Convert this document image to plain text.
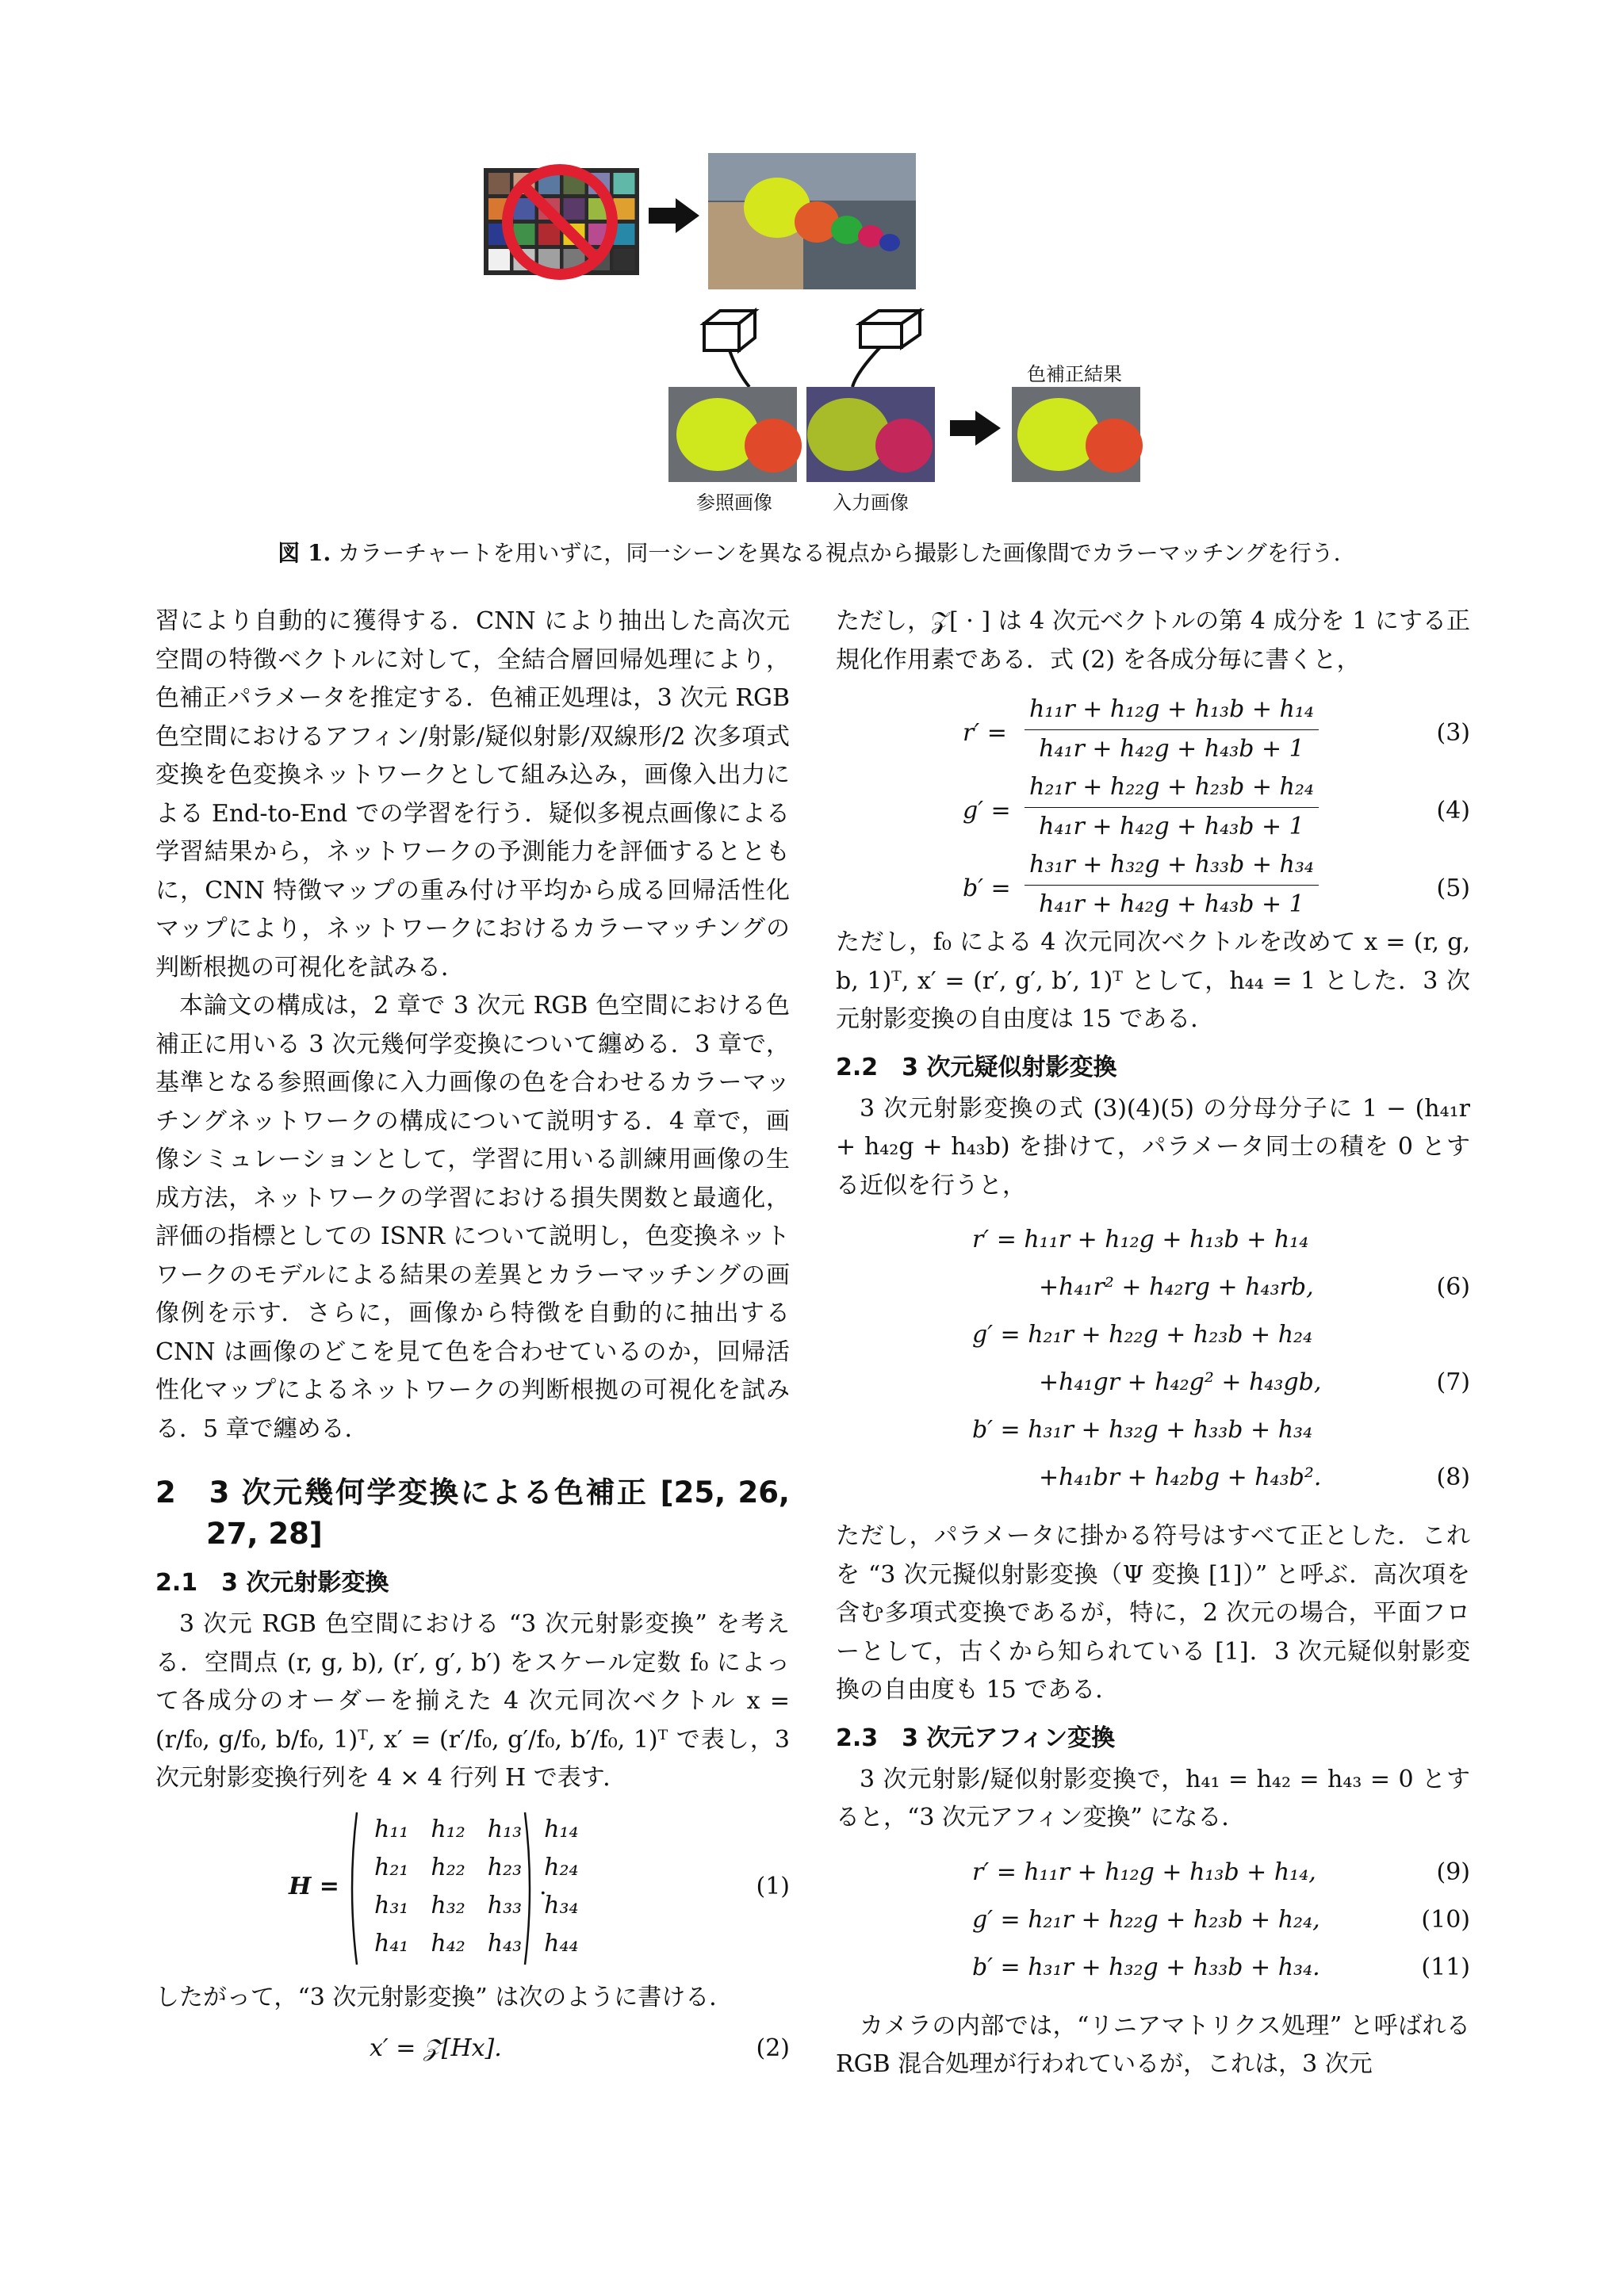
色補正結果
参照画像	入力画像
図 1. カラーチャートを用いずに，同一シーンを異なる視点から撮影した画像間でカラーマッチングを行う．

習により自動的に獲得する．CNN により抽出した高次元空間の特徴ベクトルに対して，全結合層回帰処理により，色補正パラメータを推定する．色補正処理は，3 次元 RGB 色空間におけるアフィン/射影/疑似射影/双線形/2 次多項式変換を色変換ネットワークとして組み込み，画像入出力による End-to-End での学習を行う．疑似多視点画像による学習結果から，ネットワークの予測能力を評価するとともに，CNN 特徴マップの重み付け平均から成る回帰活性化マップにより，ネットワークにおけるカラーマッチングの判断根拠の可視化を試みる．

本論文の構成は，2 章で 3 次元 RGB 色空間における色補正に用いる 3 次元幾何学変換について纏める．3 章で，基準となる参照画像に入力画像の色を合わせるカラーマッチングネットワークの構成について説明する．4 章で，画像シミュレーションとして，学習に用いる訓練用画像の生成方法，ネットワークの学習における損失関数と最適化，評価の指標としての ISNR について説明し，色変換ネットワークのモデルによる結果の差異とカラーマッチングの画像例を示す．さらに，画像から特徴を自動的に抽出する CNN は画像のどこを見て色を合わせているのか，回帰活性化マップによるネットワークの判断根拠の可視化を試みる．5 章で纏める．

2　3 次元幾何学変換による色補正 [25, 26, 27, 28]
2.1　3 次元射影変換

3 次元 RGB 色空間における “3 次元射影変換” を考える．空間点 (r, g, b), (r′, g′, b′) をスケール定数 f₀ によって各成分のオーダーを揃えた 4 次元同次ベクトル x = (r/f₀, g/f₀, b/f₀, 1)ᵀ, x′ = (r′/f₀, g′/f₀, b′/f₀, 1)ᵀ で表し，3 次元射影変換行列を 4 × 4 行列 H で表す．

H =
h₁₁	h₁₂	h₁₃	h₁₄
h₂₁	h₂₂	h₂₃	h₂₄
h₃₁	h₃₂	h₃₃	h₃₄
h₄₁	h₄₂	h₄₃	h₄₄
.	(1)

したがって，“3 次元射影変換” は次のように書ける．

x′ = 𝒵[Hx].	(2)

ただし，𝒵[ · ] は 4 次元ベクトルの第 4 成分を 1 にする正規化作用素である．式 (2) を各成分毎に書くと，

$r' = \frac{\text{h₁₁r + h₁₂g + h₁₃b + h₁₄}}{\text{h₄₁r + h₄₂g + h₄₃b + 1}}$	(3)
$g' = \frac{\text{h₂₁r + h₂₂g + h₂₃b + h₂₄}}{\text{h₄₁r + h₄₂g + h₄₃b + 1}}$	(4)
$b' = \frac{\text{h₃₁r + h₃₂g + h₃₃b + h₃₄}}{\text{h₄₁r + h₄₂g + h₄₃b + 1}}$	(5)

ただし，f₀ による 4 次元同次ベクトルを改めて x = (r, g, b, 1)ᵀ, x′ = (r′, g′, b′, 1)ᵀ として，h₄₄ = 1 とした．3 次元射影変換の自由度は 15 である．

2.2　3 次元疑似射影変換

3 次元射影変換の式 (3)(4)(5) の分母分子に 1 − (h₄₁r + h₄₂g + h₄₃b) を掛けて，パラメータ同士の積を 0 とする近似を行うと，

r′ = h₁₁r + h₁₂g + h₁₃b + h₁₄
+h₄₁r² + h₄₂rg + h₄₃rb,	(6)
g′ = h₂₁r + h₂₂g + h₂₃b + h₂₄
+h₄₁gr + h₄₂g² + h₄₃gb,	(7)
b′ = h₃₁r + h₃₂g + h₃₃b + h₃₄
+h₄₁br + h₄₂bg + h₄₃b².	(8)

ただし，パラメータに掛かる符号はすべて正とした．これを “3 次元擬似射影変換（Ψ 変換 [1]）” と呼ぶ．高次項を含む多項式変換であるが，特に，2 次元の場合，平面フローとして，古くから知られている [1]．3 次元疑似射影変換の自由度も 15 である．

2.3　3 次元アフィン変換

3 次元射影/疑似射影変換で，h₄₁ = h₄₂ = h₄₃ = 0 とすると，“3 次元アフィン変換” になる．

r′ = h₁₁r + h₁₂g + h₁₃b + h₁₄,	(9)
g′ = h₂₁r + h₂₂g + h₂₃b + h₂₄,	(10)
b′ = h₃₁r + h₃₂g + h₃₃b + h₃₄.	(11)

カメラの内部では，“リニアマトリクス処理” と呼ばれる RGB 混合処理が行われているが，これは，3 次元
